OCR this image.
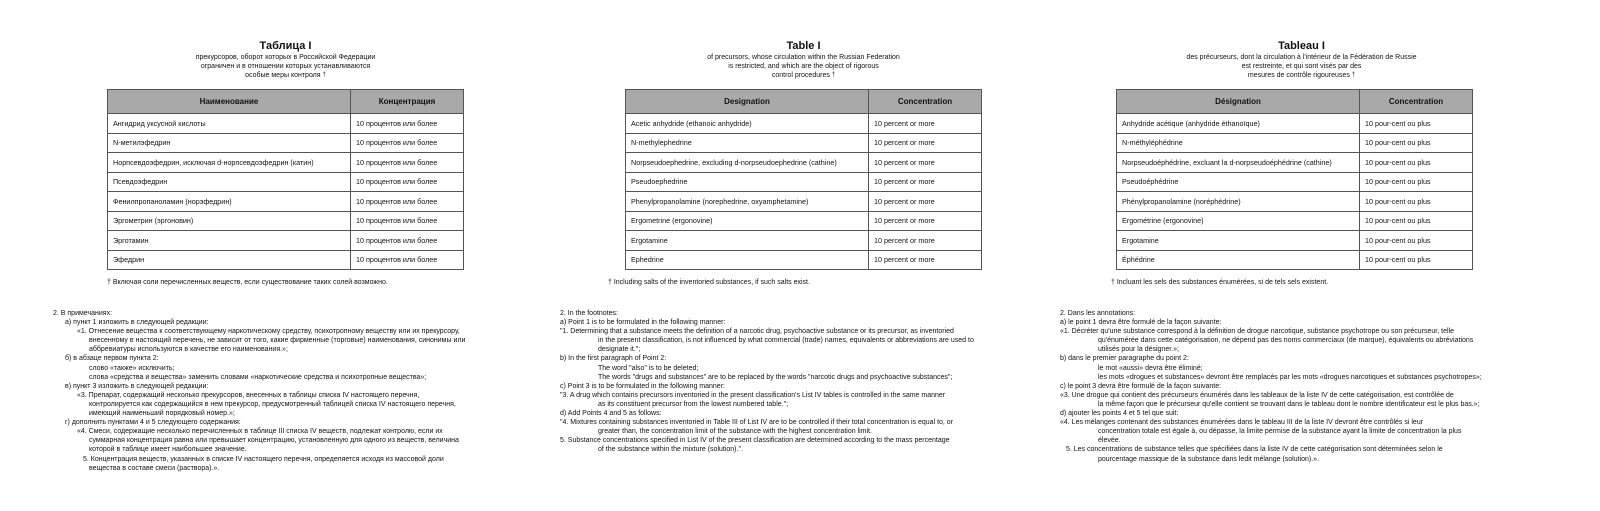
Таблица I
прекурсоров, оборот которых в Российской Федерации
ограничен и в отношении которых устанавливаются
особые меры контроля †
Наименование	Концентрация
Ангидрид уксусной кислоты	10 процентов или более
N-метилэфедрин	10 процентов или более
Норпсевдоэфедрин, исключая d-норпсевдоэфедрин (катин)	10 процентов или более
Псевдоэфедрин	10 процентов или более
Фенилпропаноламин (норэфедрин)	10 процентов или более
Эргометрин (эргоновин)	10 процентов или более
Эрготамин	10 процентов или более
Эфедрин	10 процентов или более
† Включая соли перечисленных веществ, если существование таких солей возможно.
2. В примечаниях:
а) пункт 1 изложить в следующей редакции:
«1. Отнесение вещества к соответствующему наркотическому средству, психотропному веществу или их прекурсору,
внесенному в настоящий перечень, не зависит от того, какие фирменные (торговые) наименования, синонимы или
аббревиатуры используются в качестве его наименования.»;
б) в абзаце первом пункта 2:
слово «также» исключить;
слова «средства и вещества» заменить словами «наркотические средства и психотропные вещества»;
в) пункт 3 изложить в следующей редакции:
«3. Препарат, содержащий несколько прекурсоров, внесенных в таблицы списка IV настоящего перечня,
контролируется как содержащийся в нем прекурсор, предусмотренный таблицей списка IV настоящего перечня,
имеющий наименьший порядковый номер.»;
г) дополнить пунктами 4 и 5 следующего содержания:
«4. Смеси, содержащие несколько перечисленных в таблице III списка IV веществ, подлежат контролю, если их
суммарная концентрация равна или превышает концентрацию, установленную для одного из веществ, величина
которой в таблице имеет наибольшее значение.
5. Концентрация веществ, указанных в списке IV настоящего перечня, определяется исходя из массовой доли
вещества в составе смеси (раствора).».
Table I
of precursors, whose circulation within the Russian Federation
is restricted, and which are the object of rigorous
control procedures †
Designation	Concentration
Acetic anhydride (ethanoic anhydride)	10 percent or more
N-methylephedrine	10 percent or more
Norpseudoephedrine, excluding d-norpseudoephedrine (cathine)	10 percent or more
Pseudoephedrine	10 percent or more
Phenylpropanolamine (norephedrine, oxyamphetamine)	10 percent or more
Ergometrine (ergonovine)	10 percent or more
Ergotamine	10 percent or more
Ephedrine	10 percent or more
† Including salts of the inventoried substances, if such salts exist.
2. In the footnotes:
a) Point 1 is to be formulated in the following manner:
"1. Determining that a substance meets the definition of a narcotic drug, psychoactive substance or its precursor, as inventoried
in the present classification, is not influenced by what commercial (trade) names, equivalents or abbreviations are used to
designate it.";
b) In the first paragraph of Point 2:
The word "also" is to be deleted;
The words "drugs and substances" are to be replaced by the words "narcotic drugs and psychoactive substances";
c) Point 3 is to be formulated in the following manner:
"3. A drug which contains precursors inventoried in the present classification's List IV tables is controlled in the same manner
as its constituent precursor from the lowest numbered table.";
d) Add Points 4 and 5 as follows:
"4. Mixtures containing substances inventoried in Table III of List IV are to be controlled if their total concentration is equal to, or
greater than, the concentration limit of the substance with the highest concentration limit.
5. Substance concentrations specified in List IV of the present classification are determined according to the mass percentage
of the substance within the mixture (solution).".
Tableau I
des précurseurs, dont la circulation à l'intérieur de la Fédération de Russie
est restreinte, et qui sont visés par des
mesures de contrôle rigoureuses †
Désignation	Concentration
Anhydride acétique (anhydride éthanoïque)	10 pour-cent ou plus
N-méthyléphédrine	10 pour-cent ou plus
Norpseudoéphédrine, excluant la d-norpseudoéphédrine (cathine)	10 pour-cent ou plus
Pseudoéphédrine	10 pour-cent ou plus
Phénylpropanolamine (noréphédrine)	10 pour-cent ou plus
Ergométrine (ergonovine)	10 pour-cent ou plus
Ergotamine	10 pour-cent ou plus
Éphédrine	10 pour-cent ou plus
† Incluant les sels des substances énumérées, si de tels sels existent.
2. Dans les annotations:
a) le point 1 devra être formulé de la façon suivante:
«1. Décréter qu'une substance correspond à la définition de drogue narcotique, substance psychotrope ou son précurseur, telle
qu'énumérée dans cette catégorisation, ne dépend pas des noms commerciaux (de marque), équivalents ou abréviations
utilisés pour la désigner.»;
b) dans le premier paragraphe du point 2:
le mot «aussi» devra être éliminé;
les mots «drogues et substances» devront être remplacés par les mots «drogues narcotiques et substances psychotropes»;
c) le point 3 devra être formulé de la façon suivante:
«3. Une drogue qui contient des précurseurs énumérés dans les tableaux de la liste IV de cette catégorisation, est contrôlée de
la même façon que le précurseur qu'elle contient se trouvant dans le tableau dont le nombre identificateur est le plus bas.»;
d) ajouter les points 4 et 5 tel que suit:
«4. Les mélanges contenant des substances énumérées dans le tableau III de la liste IV devront être contrôlés si leur
concentration totale est égale à, ou dépasse, la limite permise de la substance ayant la limite de concentration la plus
élevée.
5. Les concentrations de substance telles que spécifiées dans la liste IV de cette catégorisation sont déterminées selon le
pourcentage massique de la substance dans ledit mélange (solution).».
